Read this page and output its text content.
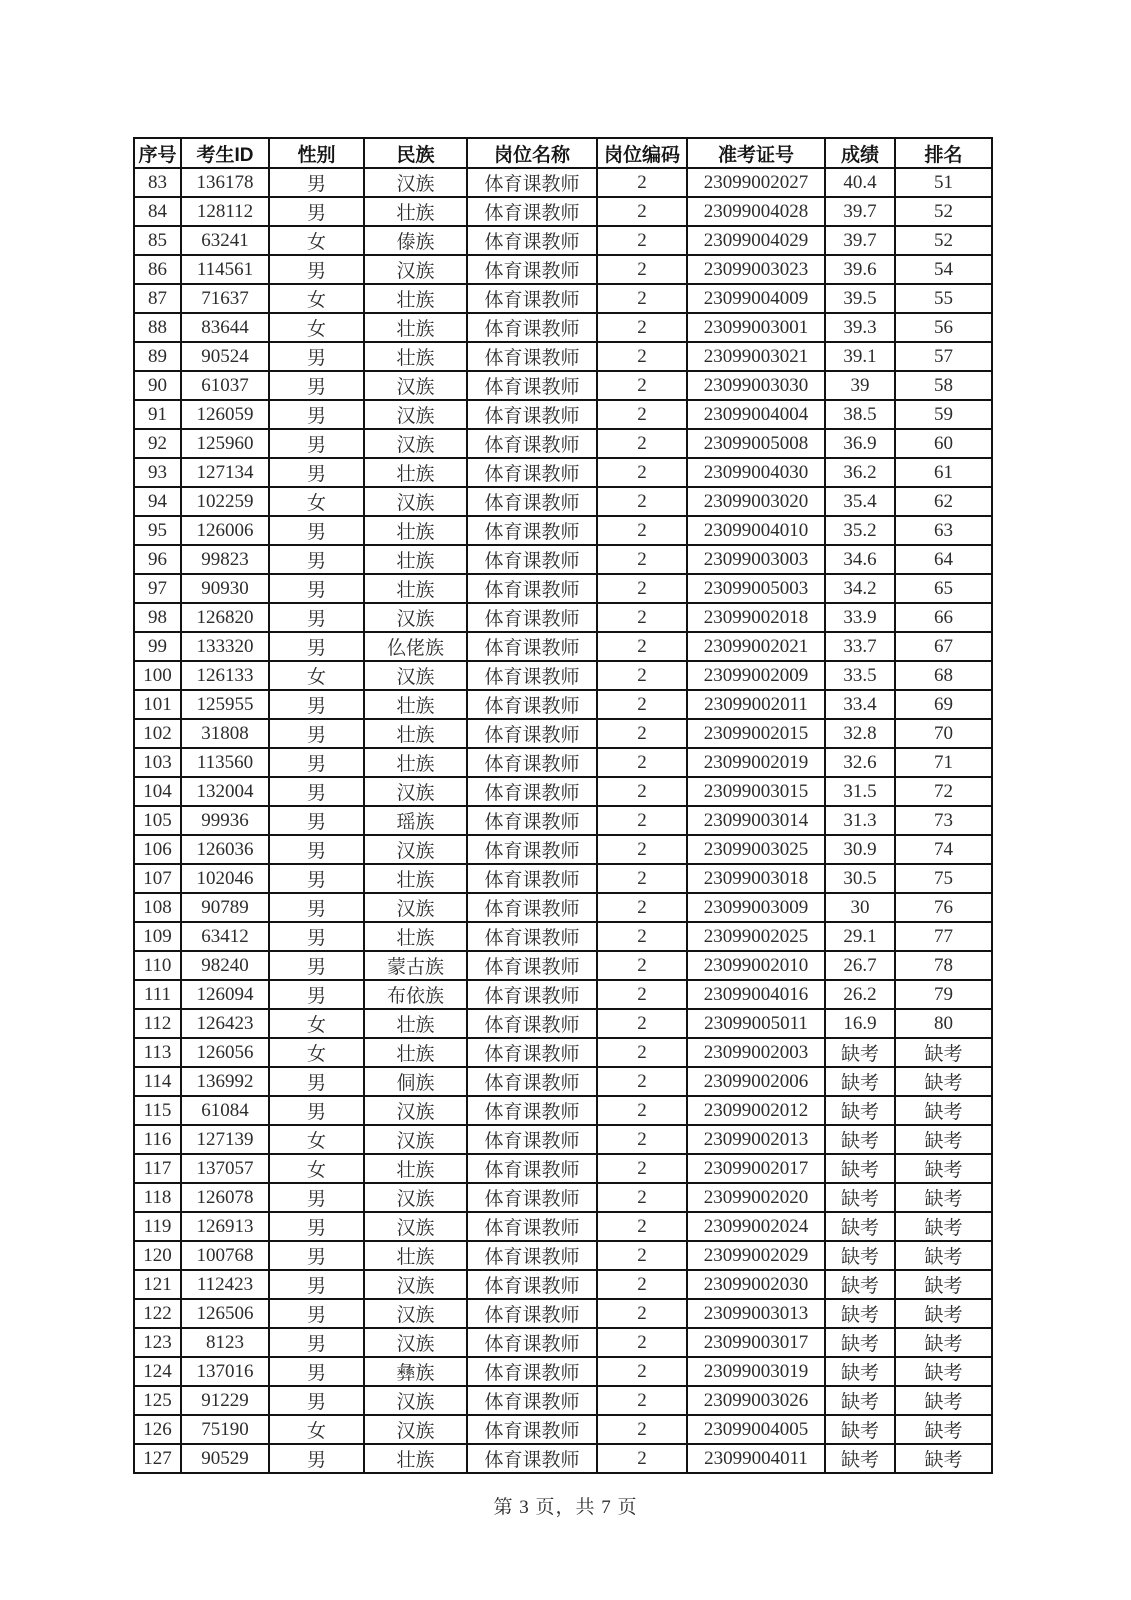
序号	考生ID	性别	民族	岗位名称	岗位编码	准考证号	成绩	排名
83	136178	男	汉族	体育课教师	2	23099002027	40.4	51
84	128112	男	壮族	体育课教师	2	23099004028	39.7	52
85	63241	女	傣族	体育课教师	2	23099004029	39.7	52
86	114561	男	汉族	体育课教师	2	23099003023	39.6	54
87	71637	女	壮族	体育课教师	2	23099004009	39.5	55
88	83644	女	壮族	体育课教师	2	23099003001	39.3	56
89	90524	男	壮族	体育课教师	2	23099003021	39.1	57
90	61037	男	汉族	体育课教师	2	23099003030	39	58
91	126059	男	汉族	体育课教师	2	23099004004	38.5	59
92	125960	男	汉族	体育课教师	2	23099005008	36.9	60
93	127134	男	壮族	体育课教师	2	23099004030	36.2	61
94	102259	女	汉族	体育课教师	2	23099003020	35.4	62
95	126006	男	壮族	体育课教师	2	23099004010	35.2	63
96	99823	男	壮族	体育课教师	2	23099003003	34.6	64
97	90930	男	壮族	体育课教师	2	23099005003	34.2	65
98	126820	男	汉族	体育课教师	2	23099002018	33.9	66
99	133320	男	仫佬族	体育课教师	2	23099002021	33.7	67
100	126133	女	汉族	体育课教师	2	23099002009	33.5	68
101	125955	男	壮族	体育课教师	2	23099002011	33.4	69
102	31808	男	壮族	体育课教师	2	23099002015	32.8	70
103	113560	男	壮族	体育课教师	2	23099002019	32.6	71
104	132004	男	汉族	体育课教师	2	23099003015	31.5	72
105	99936	男	瑶族	体育课教师	2	23099003014	31.3	73
106	126036	男	汉族	体育课教师	2	23099003025	30.9	74
107	102046	男	壮族	体育课教师	2	23099003018	30.5	75
108	90789	男	汉族	体育课教师	2	23099003009	30	76
109	63412	男	壮族	体育课教师	2	23099002025	29.1	77
110	98240	男	蒙古族	体育课教师	2	23099002010	26.7	78
111	126094	男	布依族	体育课教师	2	23099004016	26.2	79
112	126423	女	壮族	体育课教师	2	23099005011	16.9	80
113	126056	女	壮族	体育课教师	2	23099002003	缺考	缺考
114	136992	男	侗族	体育课教师	2	23099002006	缺考	缺考
115	61084	男	汉族	体育课教师	2	23099002012	缺考	缺考
116	127139	女	汉族	体育课教师	2	23099002013	缺考	缺考
117	137057	女	壮族	体育课教师	2	23099002017	缺考	缺考
118	126078	男	汉族	体育课教师	2	23099002020	缺考	缺考
119	126913	男	汉族	体育课教师	2	23099002024	缺考	缺考
120	100768	男	壮族	体育课教师	2	23099002029	缺考	缺考
121	112423	男	汉族	体育课教师	2	23099002030	缺考	缺考
122	126506	男	汉族	体育课教师	2	23099003013	缺考	缺考
123	8123	男	汉族	体育课教师	2	23099003017	缺考	缺考
124	137016	男	彝族	体育课教师	2	23099003019	缺考	缺考
125	91229	男	汉族	体育课教师	2	23099003026	缺考	缺考
126	75190	女	汉族	体育课教师	2	23099004005	缺考	缺考
127	90529	男	壮族	体育课教师	2	23099004011	缺考	缺考
第 3 页，共 7 页
